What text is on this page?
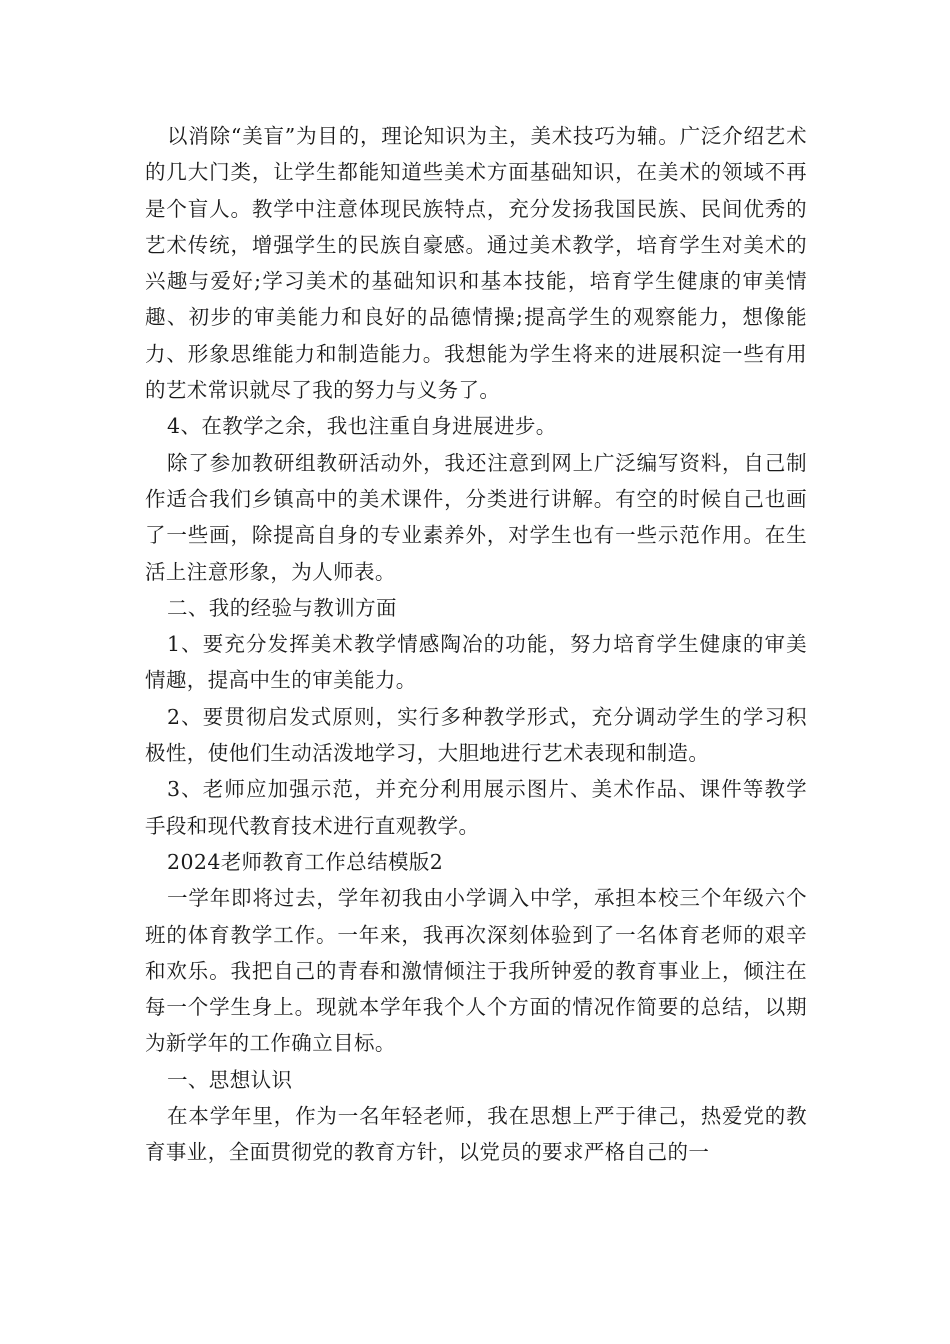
以消除“美盲”为目的，理论知识为主，美术技巧为辅。广泛介绍艺术的几大门类，让学生都能知道些美术方面基础知识，在美术的领域不再是个盲人。教学中注意体现民族特点，充分发扬我国民族、民间优秀的艺术传统，增强学生的民族自豪感。通过美术教学，培育学生对美术的兴趣与爱好;学习美术的基础知识和基本技能，培育学生健康的审美情趣、初步的审美能力和良好的品德情操;提高学生的观察能力，想像能力、形象思维能力和制造能力。我想能为学生将来的进展积淀一些有用的艺术常识就尽了我的努力与义务了。

4、在教学之余，我也注重自身进展进步。

除了参加教研组教研活动外，我还注意到网上广泛编写资料，自己制作适合我们乡镇高中的美术课件，分类进行讲解。有空的时候自己也画了一些画，除提高自身的专业素养外，对学生也有一些示范作用。在生活上注意形象，为人师表。

二、我的经验与教训方面

1、要充分发挥美术教学情感陶冶的功能，努力培育学生健康的审美情趣，提高中生的审美能力。

2、要贯彻启发式原则，实行多种教学形式，充分调动学生的学习积极性，使他们生动活泼地学习，大胆地进行艺术表现和制造。

3、老师应加强示范，并充分利用展示图片、美术作品、课件等教学手段和现代教育技术进行直观教学。

2024老师教育工作总结模版2

一学年即将过去，学年初我由小学调入中学，承担本校三个年级六个班的体育教学工作。一年来，我再次深刻体验到了一名体育老师的艰辛和欢乐。我把自己的青春和激情倾注于我所钟爱的教育事业上，倾注在每一个学生身上。现就本学年我个人个方面的情况作简要的总结，以期为新学年的工作确立目标。

一、思想认识

在本学年里，作为一名年轻老师，我在思想上严于律己，热爱党的教育事业，全面贯彻党的教育方针，以党员的要求严格自己的一
